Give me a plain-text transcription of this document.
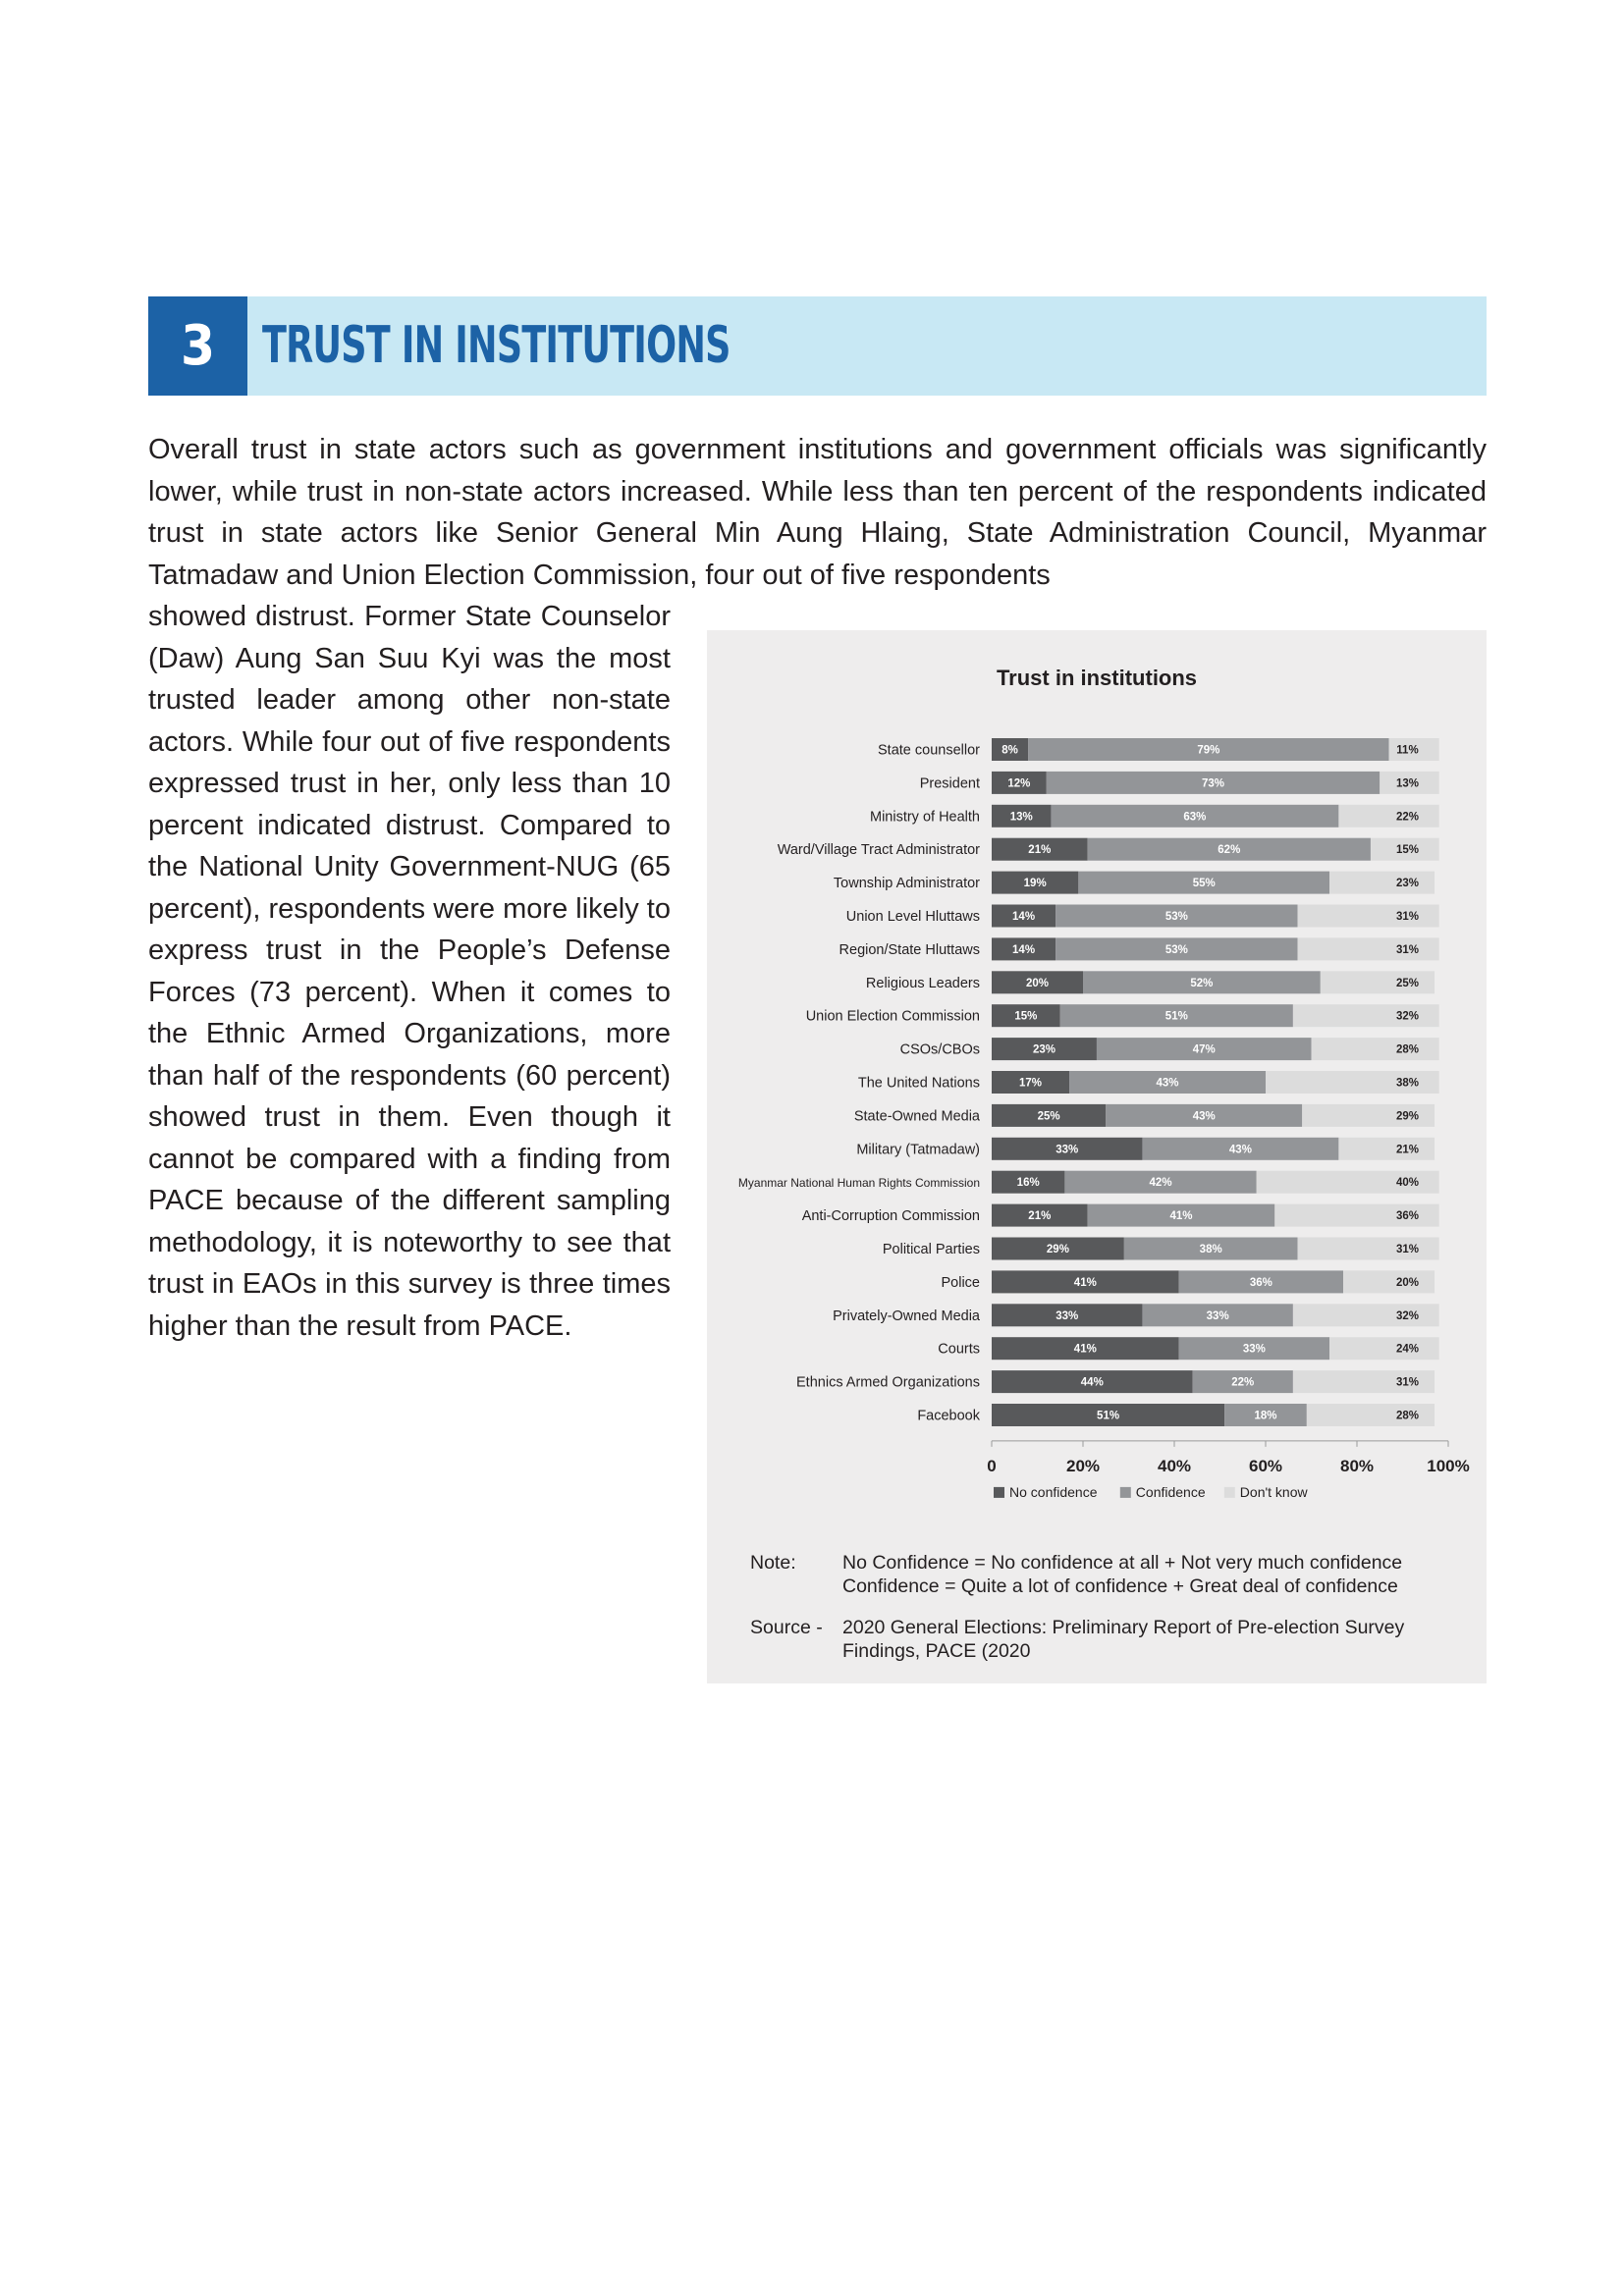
3 TRUST IN INSTITUTIONS
Overall trust in state actors such as government institutions and government officials was significantly lower, while trust in non-state actors increased. While less than ten percent of the respondents indicated trust in state actors like Senior General Min Aung Hlaing, State Administration Council, Myanmar Tatmadaw and Union Election Commission, four out of five respondents
showed distrust. Former State Counselor (Daw) Aung San Suu Kyi was the most trusted leader among other non-state actors. While four out of five respondents expressed trust in her, only less than 10 percent indicated distrust. Compared to the National Unity Government-NUG (65 percent), respondents were more likely to express trust in the People’s Defense Forces (73 percent). When it comes to the Ethnic Armed Organizations, more than half of the respondents (60 percent) showed trust in them. Even though it cannot be compared with a finding from PACE because of the different sampling methodology, it is noteworthy to see that trust in EAOs in this survey is three times higher than the result from PACE.
Trust in institutions
State counsellor 8%	79%	11%
President 12%	73%	13%
Ministry of Health	13%	63%	22%
Ward/Village Tract Administrator	21%	62%	15%
Township Administrator	19%	55%	23%
Union Level Hluttaws	14%	53%	31%
Region/State Hluttaws	14%	53%	31%
Religious Leaders	20%	52%	25%
Union Election Commission	15%	51%	32%
CSOs/CBOs	23%	47%	28%
The United Nations	17%	43%	38%
State-Owned Media	25%	43%	29%
Military (Tatmadaw)	33%	43%	21%
Myanmar National Human Rights Commission	16%	42%	40%
Anti-Corruption Commission	21%	41%	36%
Political Parties	29%	38%	31%
Police	41%	36%	20%
Privately-Owned Media	33%	33%	32%
Courts	41%	33%	24%
Ethnics Armed Organizations	44%	22%	31%
Facebook	51%	18%	28%
0	20%	40%	60%	80%	100%
No confidence	Confidence	Don't know
Note: No Confidence = No confidence at all + Not very much confidence
Confidence = Quite a lot of confidence + Great deal of confidence
Source - 2020 General Elections: Preliminary Report of Pre-election Survey
Findings, PACE (2020
